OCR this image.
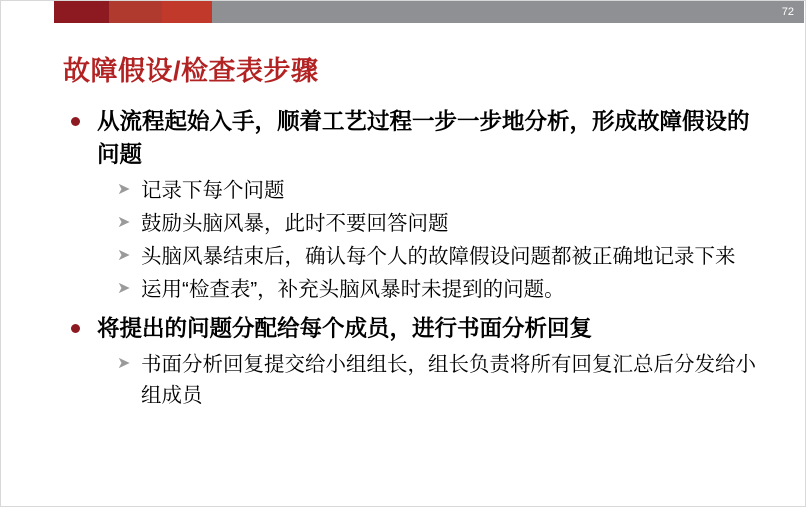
72
故障假设/检查表步骤
从流程起始入手，顺着工艺过程一步一步地分析，形成故障假设的问题
➤ 记录下每个问题
➤ 鼓励头脑风暴，此时不要回答问题
➤ 头脑风暴结束后，确认每个人的故障假设问题都被正确地记录下来
➤ 运用“检查表”，补充头脑风暴时未提到的问题。
将提出的问题分配给每个成员，进行书面分析回复
➤ 书面分析回复提交给小组组长，组长负责将所有回复汇总后分发给小组成员
